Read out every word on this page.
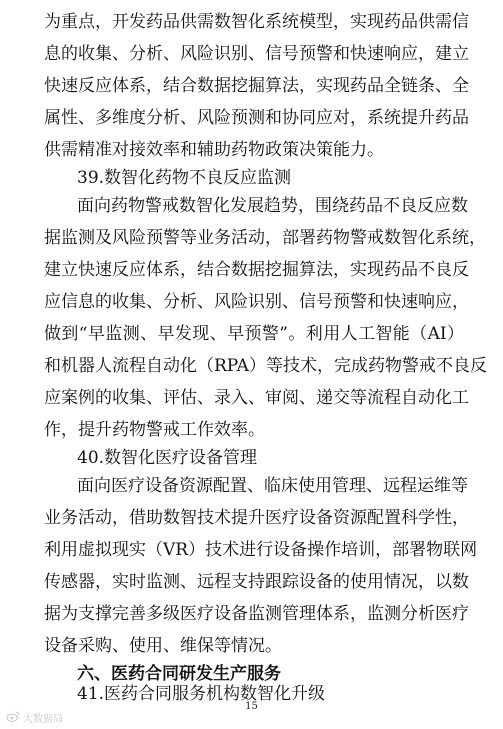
为重点，开发药品供需数智化系统模型，实现药品供需信
息的收集、分析、风险识别、信号预警和快速响应，建立
快速反应体系，结合数据挖掘算法，实现药品全链条、全
属性、多维度分析、风险预测和协同应对，系统提升药品
供需精准对接效率和辅助药物政策决策能力。
39.数智化药物不良反应监测
面向药物警戒数智化发展趋势，围绕药品不良反应数
据监测及风险预警等业务活动，部署药物警戒数智化系统，
建立快速反应体系，结合数据挖掘算法，实现药品不良反
应信息的收集、分析、风险识别、信号预警和快速响应，
做到“早监测、早发现、早预警”。利用人工智能（AI）
和机器人流程自动化（RPA）等技术，完成药物警戒不良反
应案例的收集、评估、录入、审阅、递交等流程自动化工
作，提升药物警戒工作效率。
40.数智化医疗设备管理
面向医疗设备资源配置、临床使用管理、远程运维等
业务活动，借助数智技术提升医疗设备资源配置科学性，
利用虚拟现实（VR）技术进行设备操作培训，部署物联网
传感器，实时监测、远程支持跟踪设备的使用情况，以数
据为支撑完善多级医疗设备监测管理体系，监测分析医疗
设备采购、使用、维保等情况。
六、医药合同研发生产服务
41.医药合同服务机构数智化升级
15
大数据局
